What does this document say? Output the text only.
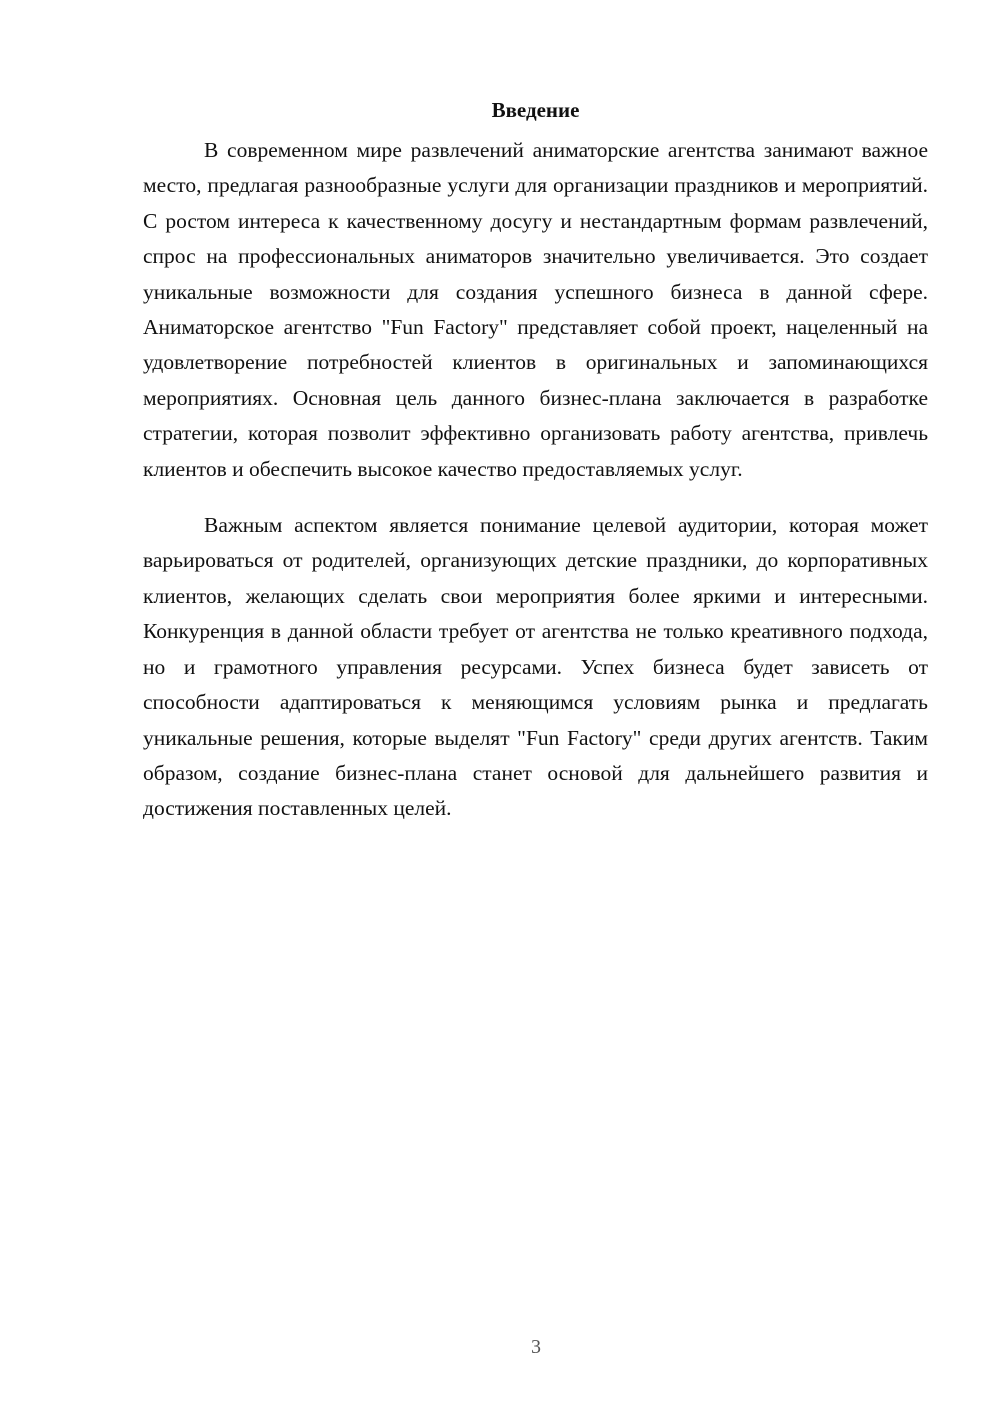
Введение

В современном мире развлечений аниматорские агентства занимают важное место, предлагая разнообразные услуги для организации праздников и мероприятий. С ростом интереса к качественному досугу и нестандартным формам развлечений, спрос на профессиональных аниматоров значительно увеличивается. Это создает уникальные возможности для создания успешного бизнеса в данной сфере. Аниматорское агентство "Fun Factory" представляет собой проект, нацеленный на удовлетворение потребностей клиентов в оригинальных и запоминающихся мероприятиях. Основная цель данного бизнес-плана заключается в разработке стратегии, которая позволит эффективно организовать работу агентства, привлечь клиентов и обеспечить высокое качество предоставляемых услуг.

Важным аспектом является понимание целевой аудитории, которая может варьироваться от родителей, организующих детские праздники, до корпоративных клиентов, желающих сделать свои мероприятия более яркими и интересными. Конкуренция в данной области требует от агентства не только креативного подхода, но и грамотного управления ресурсами. Успех бизнеса будет зависеть от способности адаптироваться к меняющимся условиям рынка и предлагать уникальные решения, которые выделят "Fun Factory" среди других агентств. Таким образом, создание бизнес-плана станет основой для дальнейшего развития и достижения поставленных целей.

3
